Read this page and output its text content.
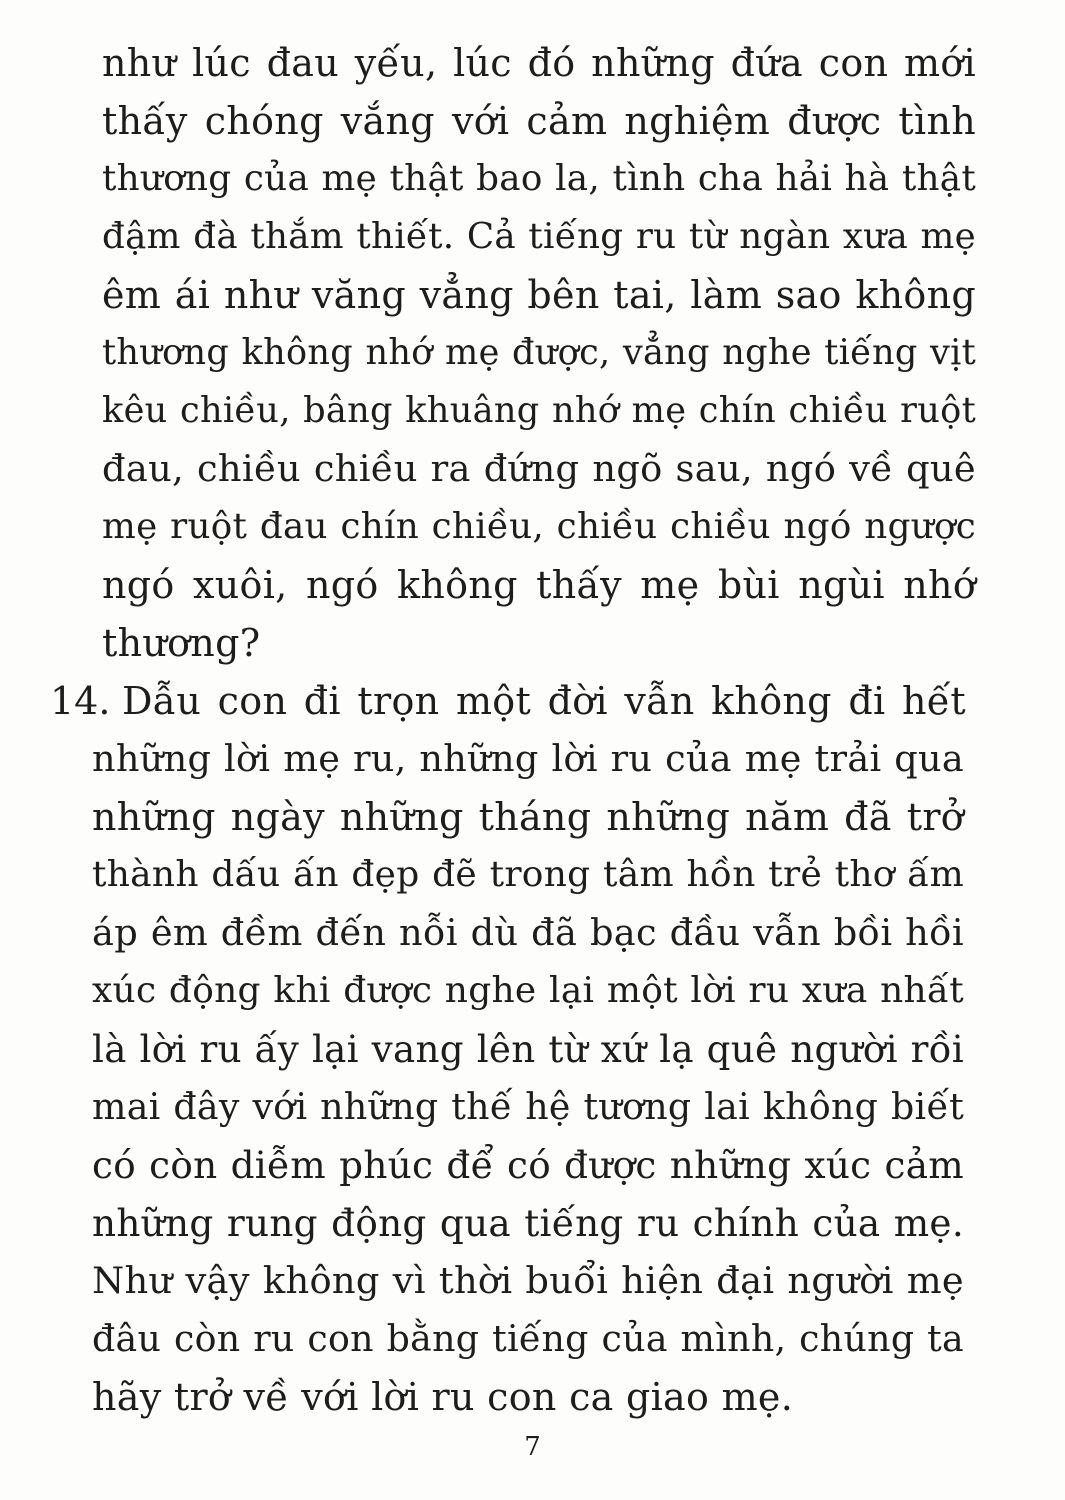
như lúc đau yếu, lúc đó những đứa con mới
thấy chóng vắng với cảm nghiệm được tình
thương của mẹ thật bao la, tình cha hải hà thật
đậm đà thắm thiết. Cả tiếng ru từ ngàn xưa mẹ
êm ái như văng vẳng bên tai, làm sao không
thương không nhớ mẹ được, vẳng nghe tiếng vịt
kêu chiều, bâng khuâng nhớ mẹ chín chiều ruột
đau, chiều chiều ra đứng ngõ sau, ngó về quê
mẹ ruột đau chín chiều, chiều chiều ngó ngược
ngó xuôi, ngó không thấy mẹ bùi ngùi nhớ
thương?
14. Dẫu con đi trọn một đời vẫn không đi hết
những lời mẹ ru, những lời ru của mẹ trải qua
những ngày những tháng những năm đã trở
thành dấu ấn đẹp đẽ trong tâm hồn trẻ thơ ấm
áp êm đềm đến nỗi dù đã bạc đầu vẫn bồi hồi
xúc động khi được nghe lại một lời ru xưa nhất
là lời ru ấy lại vang lên từ xứ lạ quê người rồi
mai đây với những thế hệ tương lai không biết
có còn diễm phúc để có được những xúc cảm
những rung động qua tiếng ru chính của mẹ.
Như vậy không vì thời buổi hiện đại người mẹ
đâu còn ru con bằng tiếng của mình, chúng ta
hãy trở về với lời ru con ca giao mẹ.
7
